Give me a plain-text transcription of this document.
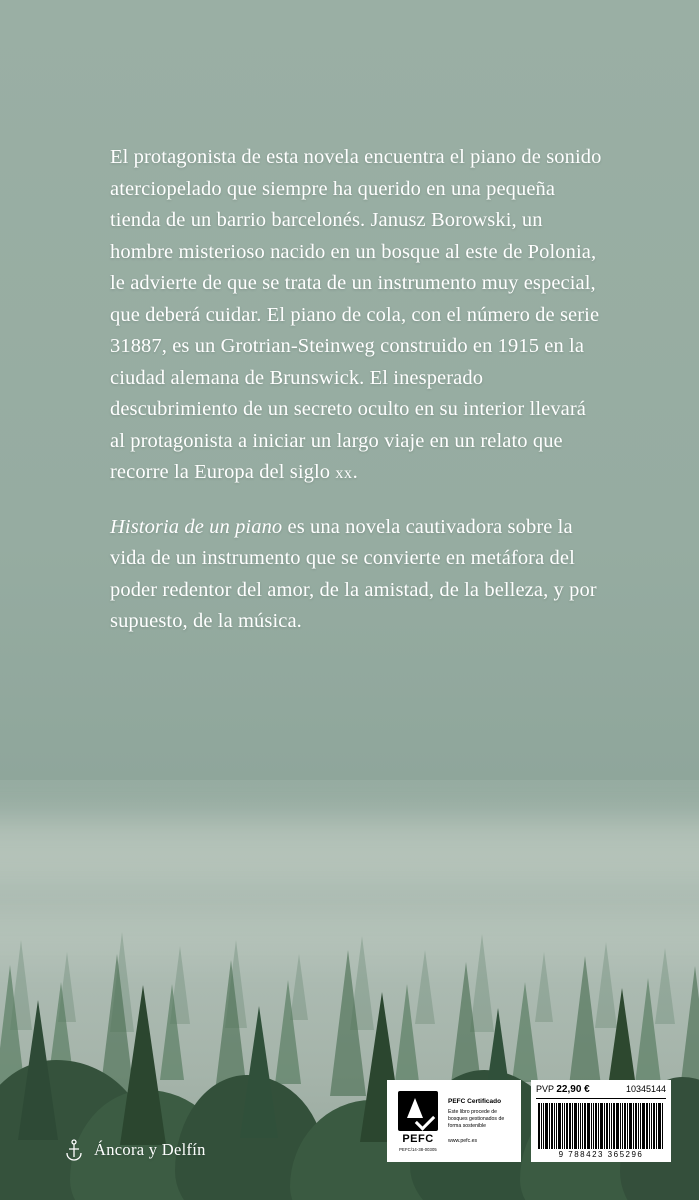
El protagonista de esta novela encuentra el piano de sonido aterciopelado que siempre ha querido en una pequeña tienda de un barrio barcelonés. Janusz Borowski, un hombre misterioso nacido en un bosque al este de Polonia, le advierte de que se trata de un instrumento muy especial, que deberá cuidar. El piano de cola, con el número de serie 31887, es un Grotrian-Steinweg construido en 1915 en la ciudad alemana de Brunswick. El inesperado descubrimiento de un secreto oculto en su interior llevará al protagonista a iniciar un largo viaje en un relato que recorre la Europa del siglo xx.

Historia de un piano es una novela cautivadora sobre la vida de un instrumento que se convierte en metáfora del poder redentor del amor, de la amistad, de la belleza, y por supuesto, de la música.

Áncora y Delfín
PEFC
PEFC/14-38-00305
PEFC Certificado
Este libro procede de bosques gestionados de forma sostenible
www.pefc.es
PVP 22,90 €	10345144
9 788423 365296
